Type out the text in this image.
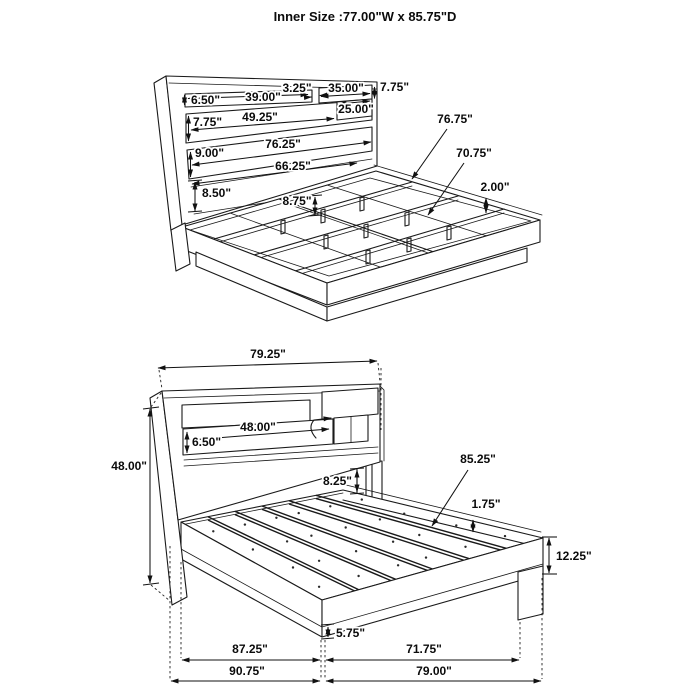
Inner Size :77.00"W x 85.75"D
6.50" 39.00"
3.25" 35.00" 7.75"
25.00"
7.75" 49.25"
9.00"
76.25"
66.25"
8.50"
8.75"
76.75"
70.75"
2.00"
79.25"
48.00"
6.50"
48.00"
8.25"
85.25"
1.75"
12.25"
5.75"
87.25"	71.75"
90.75"	79.00"
